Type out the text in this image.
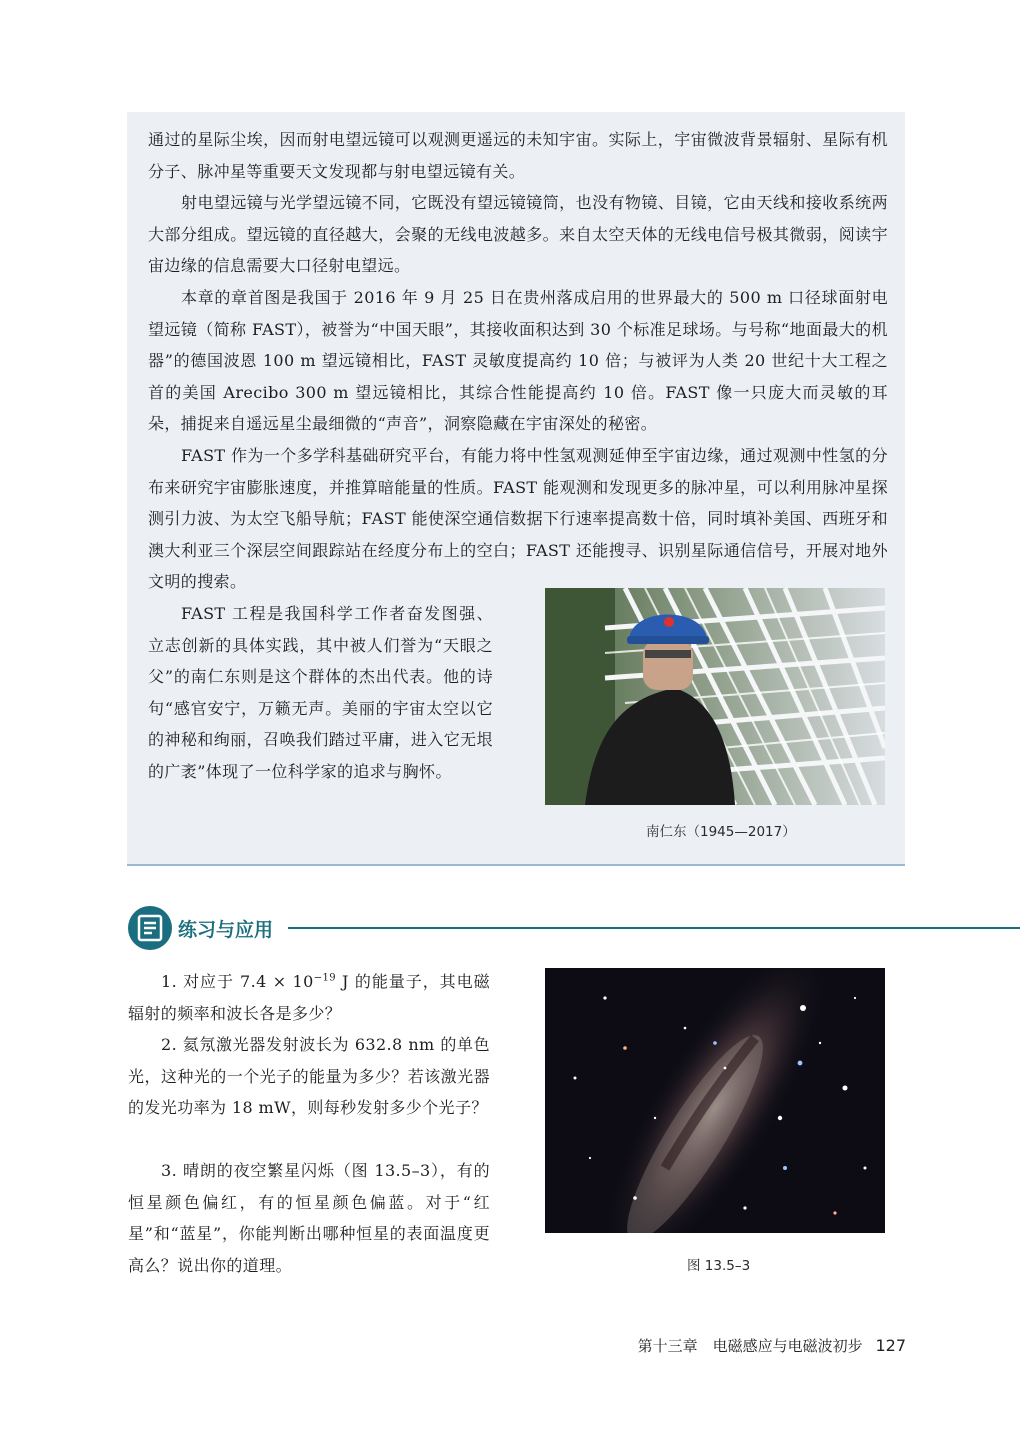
通过的星际尘埃，因而射电望远镜可以观测更遥远的未知宇宙。实际上，宇宙微波背景辐射、星际有机分子、脉冲星等重要天文发现都与射电望远镜有关。

射电望远镜与光学望远镜不同，它既没有望远镜镜筒，也没有物镜、目镜，它由天线和接收系统两大部分组成。望远镜的直径越大，会聚的无线电波越多。来自太空天体的无线电信号极其微弱，阅读宇宙边缘的信息需要大口径射电望远。

本章的章首图是我国于 2016 年 9 月 25 日在贵州落成启用的世界最大的 500 m 口径球面射电望远镜（简称 FAST），被誉为“中国天眼”，其接收面积达到 30 个标准足球场。与号称“地面最大的机器”的德国波恩 100 m 望远镜相比，FAST 灵敏度提高约 10 倍；与被评为人类 20 世纪十大工程之首的美国 Arecibo 300 m 望远镜相比，其综合性能提高约 10 倍。FAST 像一只庞大而灵敏的耳朵，捕捉来自遥远星尘最细微的“声音”，洞察隐藏在宇宙深处的秘密。

FAST 作为一个多学科基础研究平台，有能力将中性氢观测延伸至宇宙边缘，通过观测中性氢的分布来研究宇宙膨胀速度，并推算暗能量的性质。FAST 能观测和发现更多的脉冲星，可以利用脉冲星探测引力波、为太空飞船导航；FAST 能使深空通信数据下行速率提高数十倍，同时填补美国、西班牙和澳大利亚三个深层空间跟踪站在经度分布上的空白；FAST 还能搜寻、识别星际通信信号，开展对地外文明的搜索。

FAST 工程是我国科学工作者奋发图强、立志创新的具体实践，其中被人们誉为“天眼之父”的南仁东则是这个群体的杰出代表。他的诗句“感官安宁，万籁无声。美丽的宇宙太空以它的神秘和绚丽，召唤我们踏过平庸，进入它无垠的广袤”体现了一位科学家的追求与胸怀。

南仁东（1945—2017）
练习与应用

1. 对应于 $7.4 \times 10^{-19}$ J 的能量子，其电磁辐射的频率和波长各是多少？

2. 氦氖激光器发射波长为 632.8 nm 的单色光，这种光的一个光子的能量为多少？若该激光器的发光功率为 18 mW，则每秒发射多少个光子？

3. 晴朗的夜空繁星闪烁（图 13.5–3），有的恒星颜色偏红，有的恒星颜色偏蓝。对于“红星”和“蓝星”，你能判断出哪种恒星的表面温度更高么？说出你的道理。	图 13.5–3
第十三章　电磁感应与电磁波初步 127
